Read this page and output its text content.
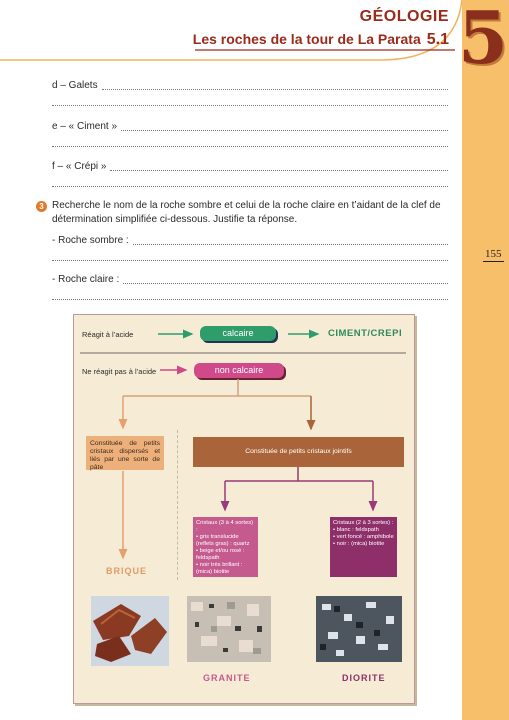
GÉOLOGIE
Les roches de la tour de La Parata 5.1 5
155
d – Galets
e – « Ciment »
f – « Crépi »
3 Recherche le nom de la roche sombre et celui de la roche claire en t’aidant de la clef de détermination simplifiée ci-dessous. Justifie ta réponse.
- Roche sombre :
- Roche claire :
Réagit à l’acide	calcaire	CIMENT/CREPI
Ne réagit pas à l’acide	non calcaire
Constituée de petits cristaux dispersés et liés par une sorte de pâte
Constituée de petits cristaux jointifs
Cristaux (3 à 4 sortes) :
• gris translucide (reflets gras) : quartz
• beige et/ou rosé : feldspath
• noir très brillant : (mica) biotite
Cristaux (2 à 3 sortes) :
• blanc : feldspath
• vert foncé : amphibole
• noir : (mica) biotite
BRIQUE
GRANITE	DIORITE
